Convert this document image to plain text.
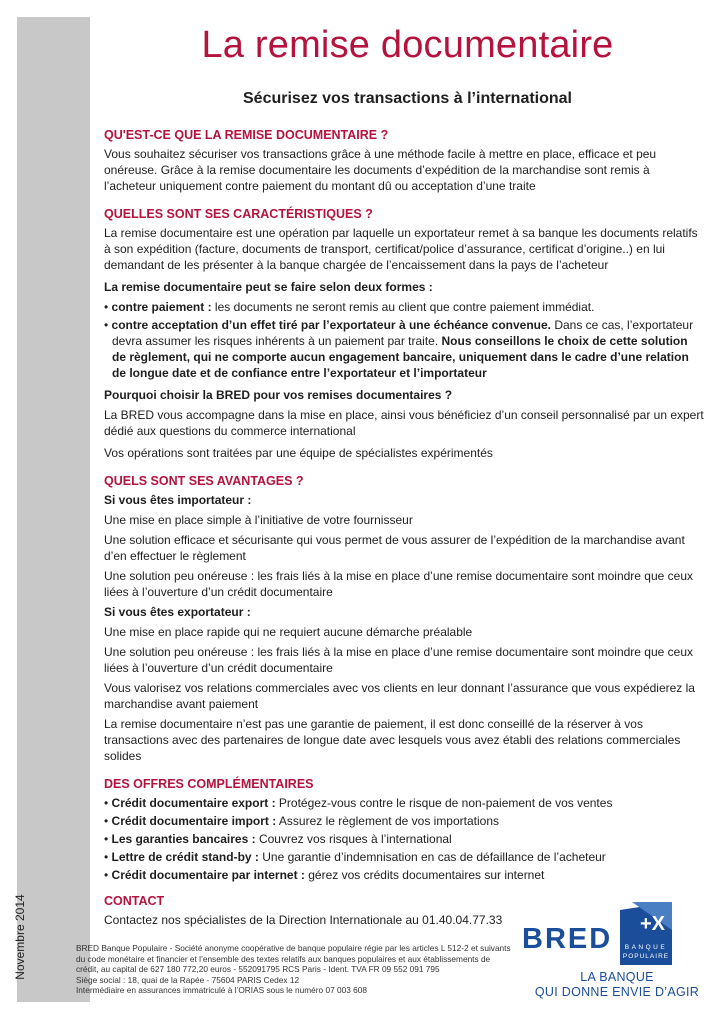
Novembre 2014
La remise documentaire
Sécurisez vos transactions à l’international
QU'EST-CE QUE LA REMISE DOCUMENTAIRE ?
Vous souhaitez sécuriser vos transactions grâce à une méthode facile à mettre en place, efficace et peu onéreuse. Grâce à la remise documentaire les documents d’expédition de la marchandise sont remis à l’acheteur uniquement contre paiement du montant dû ou acceptation d’une traite
QUELLES SONT SES CARACTÉRISTIQUES ?
La remise documentaire est une opération par laquelle un exportateur remet à sa banque les documents relatifs à son expédition (facture, documents de transport, certificat/police d’assurance, certificat d’origine..) en lui demandant de les présenter à la banque chargée de l’encaissement dans la pays de l’acheteur
La remise documentaire peut se faire selon deux formes :
• contre paiement : les documents ne seront remis au client que contre paiement immédiat.
• contre acceptation d’un effet tiré par l’exportateur à une échéance convenue. Dans ce cas, l’exportateur devra assumer les risques inhérents à un paiement par traite. Nous conseillons le choix de cette solution de règlement, qui ne comporte aucun engagement bancaire, uniquement dans le cadre d’une relation de longue date et de confiance entre l’exportateur et l’importateur
Pourquoi choisir la BRED pour vos remises documentaires ?
La BRED vous accompagne dans la mise en place, ainsi vous bénéficiez d’un conseil personnalisé par un expert dédié aux questions du commerce international
Vos opérations sont traitées par une équipe de spécialistes expérimentés
QUELS SONT SES AVANTAGES ?
Si vous êtes importateur :
Une mise en place simple à l’initiative de votre fournisseur
Une solution efficace et sécurisante qui vous permet de vous assurer de l’expédition de la marchandise avant d’en effectuer le règlement
Une solution peu onéreuse : les frais liés à la mise en place d’une remise documentaire sont moindre que ceux liées à l’ouverture d’un crédit documentaire
Si vous êtes exportateur :
Une mise en place rapide qui ne requiert aucune démarche préalable
Une solution peu onéreuse : les frais liés à la mise en place d’une remise documentaire sont moindre que ceux liées à l’ouverture d’un crédit documentaire
Vous valorisez vos relations commerciales avec vos clients en leur donnant l’assurance que vous expédierez la marchandise avant paiement
La remise documentaire n’est pas une garantie de paiement, il est donc conseillé de la réserver à vos transactions avec des partenaires de longue date avec lesquels vous avez établi des relations commerciales solides
DES OFFRES COMPLÉMENTAIRES
• Crédit documentaire export : Protégez-vous contre le risque de non-paiement de vos ventes
• Crédit documentaire import : Assurez le règlement de vos importations
• Les garanties bancaires : Couvrez vos risques à l’international
• Lettre de crédit stand-by : Une garantie d’indemnisation en cas de défaillance de l’acheteur
• Crédit documentaire par internet : gérez vos crédits documentaires sur internet
CONTACT
Contactez nos spécialistes de la Direction Internationale au 01.40.04.77.33
BRED Banque Populaire - Société anonyme coopérative de banque populaire régie par les articles L 512-2 et suivants
du code monétaire et financier et l’ensemble des textes relatifs aux banques populaires et aux établissements de
crédit, au capital de 627 180 772,20 euros - 552091795 RCS Paris - Ident. TVA FR 09 552 091 795
Siège social : 18, quai de la Rapée - 75604 PARIS Cedex 12
Intermédiaire en assurances immatriculé à l’ORIAS sous le numéro 07 003 608
BRED +X
BANQUE
POPULAIRE
LA BANQUE
QUI DONNE ENVIE D’AGIR
